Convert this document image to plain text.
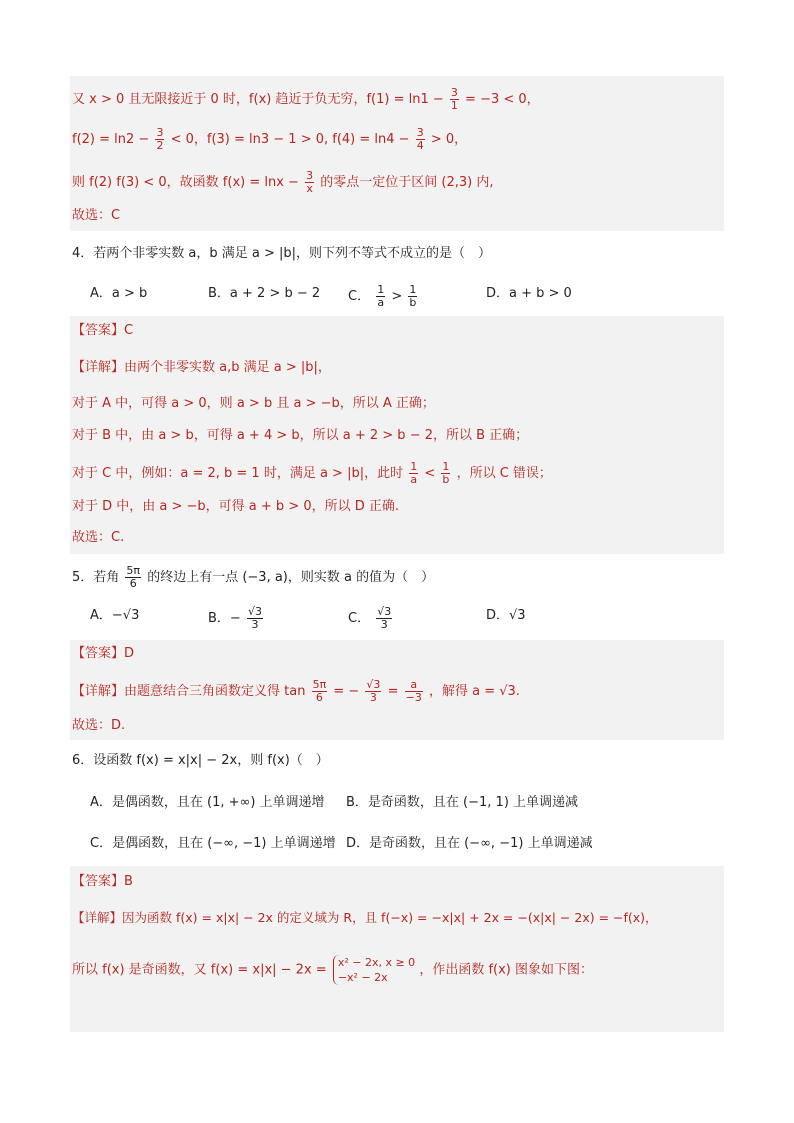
又 x > 0 且无限接近于 0 时，f(x) 趋近于负无穷，$f(1) = \ln 1 - \frac{3}{1} = -3 < 0$，
$f(2) = \ln 2 - \frac{3}{2} < 0$，f(3) = ln3 − 1 > 0, $f(4) = \ln 4 - \frac{3}{4} > 0$，
则 f(2) f(3) < 0，故函数 $f(x) = \ln x - \frac{3}{x}$ 的零点一定位于区间 (2,3) 内,
故选：C
4．若两个非零实数 a，b 满足 a > |b|，则下列不等式不成立的是（　）
A．a > b	B．a + 2 > b − 2 C． $\frac{1}{a} > \frac{1}{b}$	D．a + b > 0
【答案】C
【详解】由两个非零实数 a,b 满足 a > |b|，
对于 A 中，可得 a > 0，则 a > b 且 a > −b，所以 A 正确；
对于 B 中，由 a > b，可得 a + 4 > b，所以 a + 2 > b − 2，所以 B 正确；
对于 C 中，例如：a = 2, b = 1 时，满足 a > |b|，此时 $\frac{1}{a} < \frac{1}{b}$ ，所以 C 错误；
对于 D 中，由 a > −b，可得 a + b > 0，所以 D 正确.
故选：C.
5．若角 $\frac{5\pi}{6}$ 的终边上有一点 (−3, a)，则实数 a 的值为（　）
A．−√3	B．− $\frac{√3}{3}$	C． $\frac{√3}{3}$	D．√3
【答案】D
【详解】由题意结合三角函数定义得 $\tan \frac{5\pi}{6}$ = − $\frac{√3}{3} = \frac{a}{-3}$ ，解得 a = √3.
故选：D.
6．设函数 f(x) = x|x| − 2x，则 f(x)（　）
A．是偶函数，且在 (1, +∞) 上单调递增 B．是奇函数，且在 (−1, 1) 上单调递减
C．是偶函数，且在 (−∞, −1) 上单调递增 D．是奇函数，且在 (−∞, −1) 上单调递减
【答案】B
【详解】因为函数 f(x) = x|x| − 2x 的定义域为 R，且 f(−x) = −x|x| + 2x = −(x|x| − 2x) = −f(x)，
所以 f(x) 是奇函数，又 f(x) = x|x| − 2x = x² − 2x, x ≥ 0
−x² − 2x	，作出函数 f(x) 图象如下图：
